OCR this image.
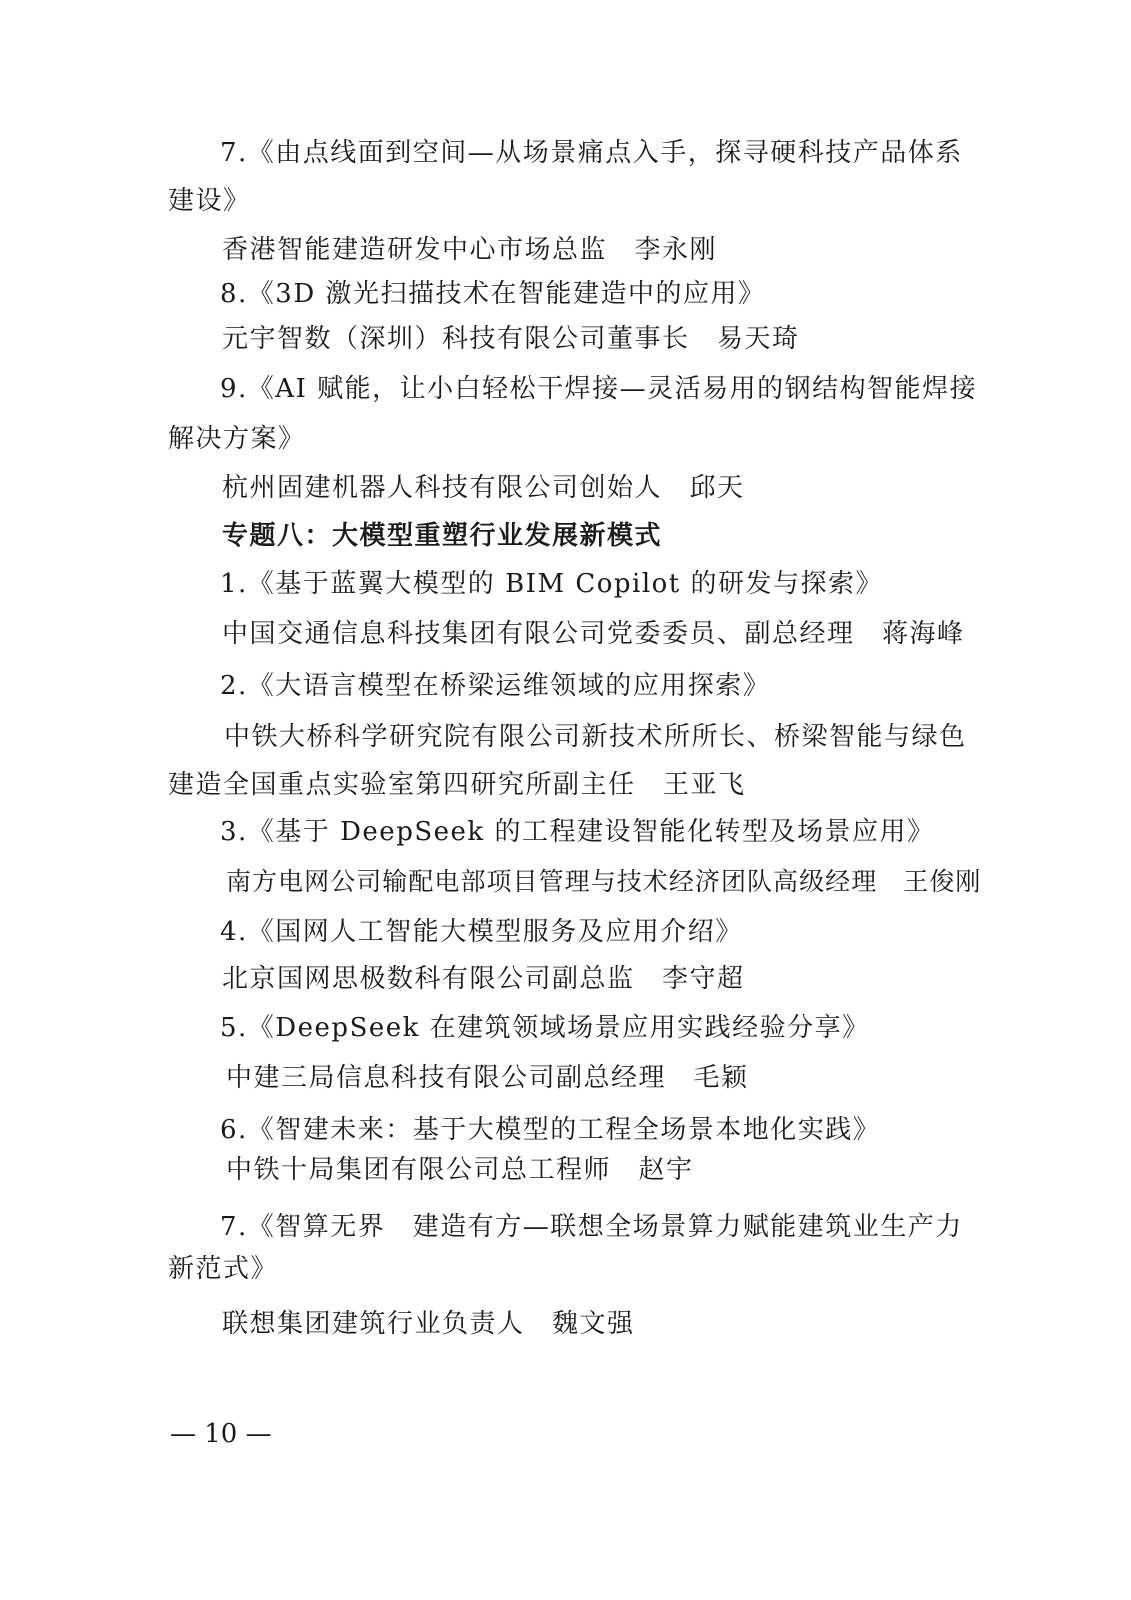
7.《由点线面到空间—从场景痛点入手，探寻硬科技产品体系
建设》
香港智能建造研发中心市场总监　李永刚
8.《3D 激光扫描技术在智能建造中的应用》
元宇智数（深圳）科技有限公司董事长　易天琦
9.《AI 赋能，让小白轻松干焊接—灵活易用的钢结构智能焊接
解决方案》
杭州固建机器人科技有限公司创始人　邱天
专题八：大模型重塑行业发展新模式
1.《基于蓝翼大模型的 BIM Copilot 的研发与探索》
中国交通信息科技集团有限公司党委委员、副总经理　蒋海峰
2.《大语言模型在桥梁运维领域的应用探索》
中铁大桥科学研究院有限公司新技术所所长、桥梁智能与绿色
建造全国重点实验室第四研究所副主任　王亚飞
3.《基于 DeepSeek 的工程建设智能化转型及场景应用》
南方电网公司输配电部项目管理与技术经济团队高级经理　王俊刚
4.《国网人工智能大模型服务及应用介绍》
北京国网思极数科有限公司副总监　李守超
5.《DeepSeek 在建筑领域场景应用实践经验分享》
中建三局信息科技有限公司副总经理　毛颖
6.《智建未来：基于大模型的工程全场景本地化实践》
中铁十局集团有限公司总工程师　赵宇
7.《智算无界　建造有方—联想全场景算力赋能建筑业生产力
新范式》
联想集团建筑行业负责人　魏文强
— 10 —
